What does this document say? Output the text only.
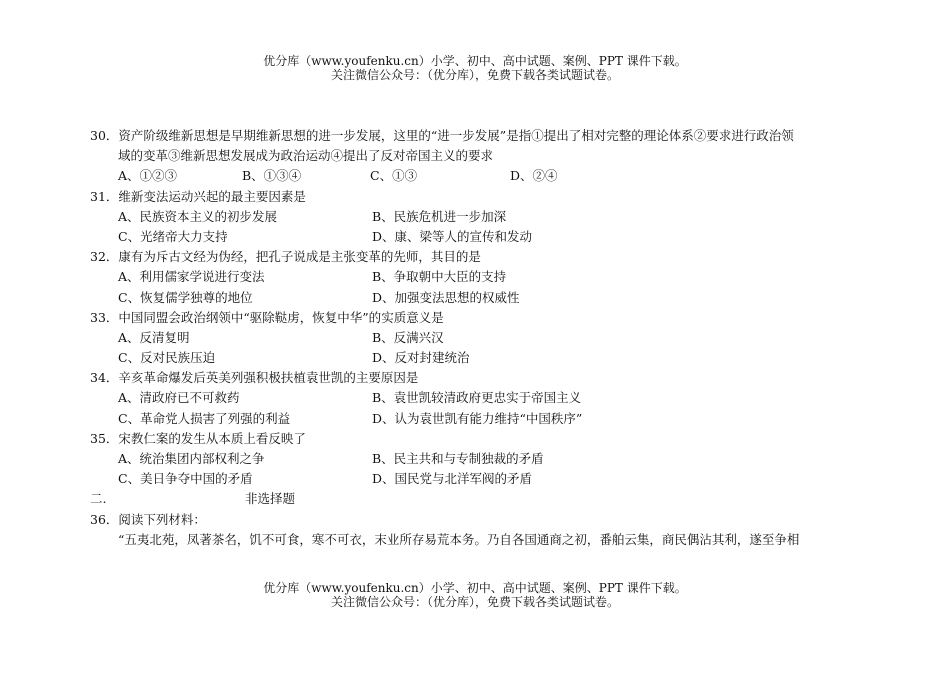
优分库（www.youfenku.cn）小学、初中、高中试题、案例、PPT 课件下载。
关注微信公众号：（优分库），免费下载各类试题试卷。
30．资产阶级维新思想是早期维新思想的进一步发展，这里的“进一步发展”是指①提出了相对完整的理论体系②要求进行政治领
域的变革③维新思想发展成为政治运动④提出了反对帝国主义的要求
A、①②③	B、①③④	C、①③	D、②④
31．维新变法运动兴起的最主要因素是
A、民族资本主义的初步发展	B、民族危机进一步加深
C、光绪帝大力支持	D、康、梁等人的宣传和发动
32．康有为斥古文经为伪经，把孔子说成是主张变革的先师，其目的是
A、利用儒家学说进行变法	B、争取朝中大臣的支持
C、恢复儒学独尊的地位	D、加强变法思想的权威性
33．中国同盟会政治纲领中“驱除鞑虏，恢复中华”的实质意义是
A、反清复明	B、反满兴汉
C、反对民族压迫	D、反对封建统治
34．辛亥革命爆发后英美列强积极扶植袁世凯的主要原因是
A、清政府已不可救药	B、袁世凯较清政府更忠实于帝国主义
C、革命党人损害了列强的利益	D、认为袁世凯有能力维持“中国秩序”
35．宋教仁案的发生从本质上看反映了
A、统治集团内部权利之争	B、民主共和与专制独裁的矛盾
C、美日争夺中国的矛盾	D、国民党与北洋军阀的矛盾
二.	非选择题
36．阅读下列材料：
“五夷北苑，凤著茶名，饥不可食，寒不可衣，末业所存易荒本务。乃自各国通商之初，番舶云集，商民偶沾其利，遂至争相
优分库（www.youfenku.cn）小学、初中、高中试题、案例、PPT 课件下载。
关注微信公众号：（优分库），免费下载各类试题试卷。
